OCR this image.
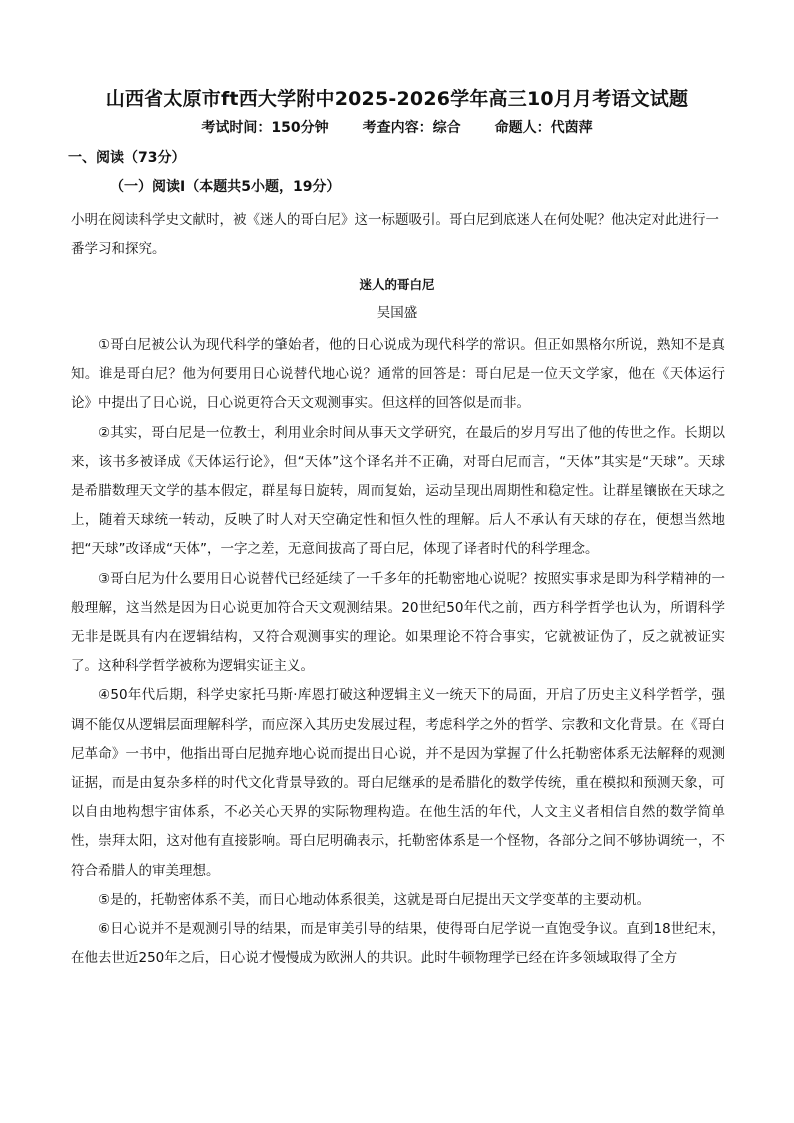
山西省太原市ft西大学附中2025-2026学年高三10月月考语文试题
考试时间：150分钟 考查内容：综合 命题人：代茵萍
一、阅读（73分）
（一）阅读Ⅰ（本题共5小题，19分）
小明在阅读科学史文献时，被《迷人的哥白尼》这一标题吸引。哥白尼到底迷人在何处呢？他决定对此进行一番学习和探究。
迷人的哥白尼
吴国盛

①哥白尼被公认为现代科学的肇始者，他的日心说成为现代科学的常识。但正如黑格尔所说，熟知不是真知。谁是哥白尼？他为何要用日心说替代地心说？通常的回答是：哥白尼是一位天文学家，他在《天体运行论》中提出了日心说，日心说更符合天文观测事实。但这样的回答似是而非。

②其实，哥白尼是一位教士，利用业余时间从事天文学研究，在最后的岁月写出了他的传世之作。长期以来，该书多被译成《天体运行论》，但“天体”这个译名并不正确，对哥白尼而言，“天体”其实是“天球”。天球是希腊数理天文学的基本假定，群星每日旋转，周而复始，运动呈现出周期性和稳定性。让群星镶嵌在天球之上，随着天球统一转动，反映了时人对天空确定性和恒久性的理解。后人不承认有天球的存在，便想当然地把“天球”改译成“天体”，一字之差，无意间拔高了哥白尼，体现了译者时代的科学理念。

③哥白尼为什么要用日心说替代已经延续了一千多年的托勒密地心说呢？按照实事求是即为科学精神的一般理解，这当然是因为日心说更加符合天文观测结果。20世纪50年代之前，西方科学哲学也认为，所谓科学无非是既具有内在逻辑结构，又符合观测事实的理论。如果理论不符合事实，它就被证伪了，反之就被证实了。这种科学哲学被称为逻辑实证主义。

④50年代后期，科学史家托马斯·库恩打破这种逻辑主义一统天下的局面，开启了历史主义科学哲学，强调不能仅从逻辑层面理解科学，而应深入其历史发展过程，考虑科学之外的哲学、宗教和文化背景。在《哥白尼革命》一书中，他指出哥白尼抛弃地心说而提出日心说，并不是因为掌握了什么托勒密体系无法解释的观测证据，而是由复杂多样的时代文化背景导致的。哥白尼继承的是希腊化的数学传统，重在模拟和预测天象，可以自由地构想宇宙体系，不必关心天界的实际物理构造。在他生活的年代，人文主义者相信自然的数学简单性，崇拜太阳，这对他有直接影响。哥白尼明确表示，托勒密体系是一个怪物，各部分之间不够协调统一，不符合希腊人的审美理想。

⑤是的，托勒密体系不美，而日心地动体系很美，这就是哥白尼提出天文学变革的主要动机。

⑥日心说并不是观测引导的结果，而是审美引导的结果，使得哥白尼学说一直饱受争议。直到18世纪末，在他去世近250年之后，日心说才慢慢成为欧洲人的共识。此时牛顿物理学已经在许多领域取得了全方
